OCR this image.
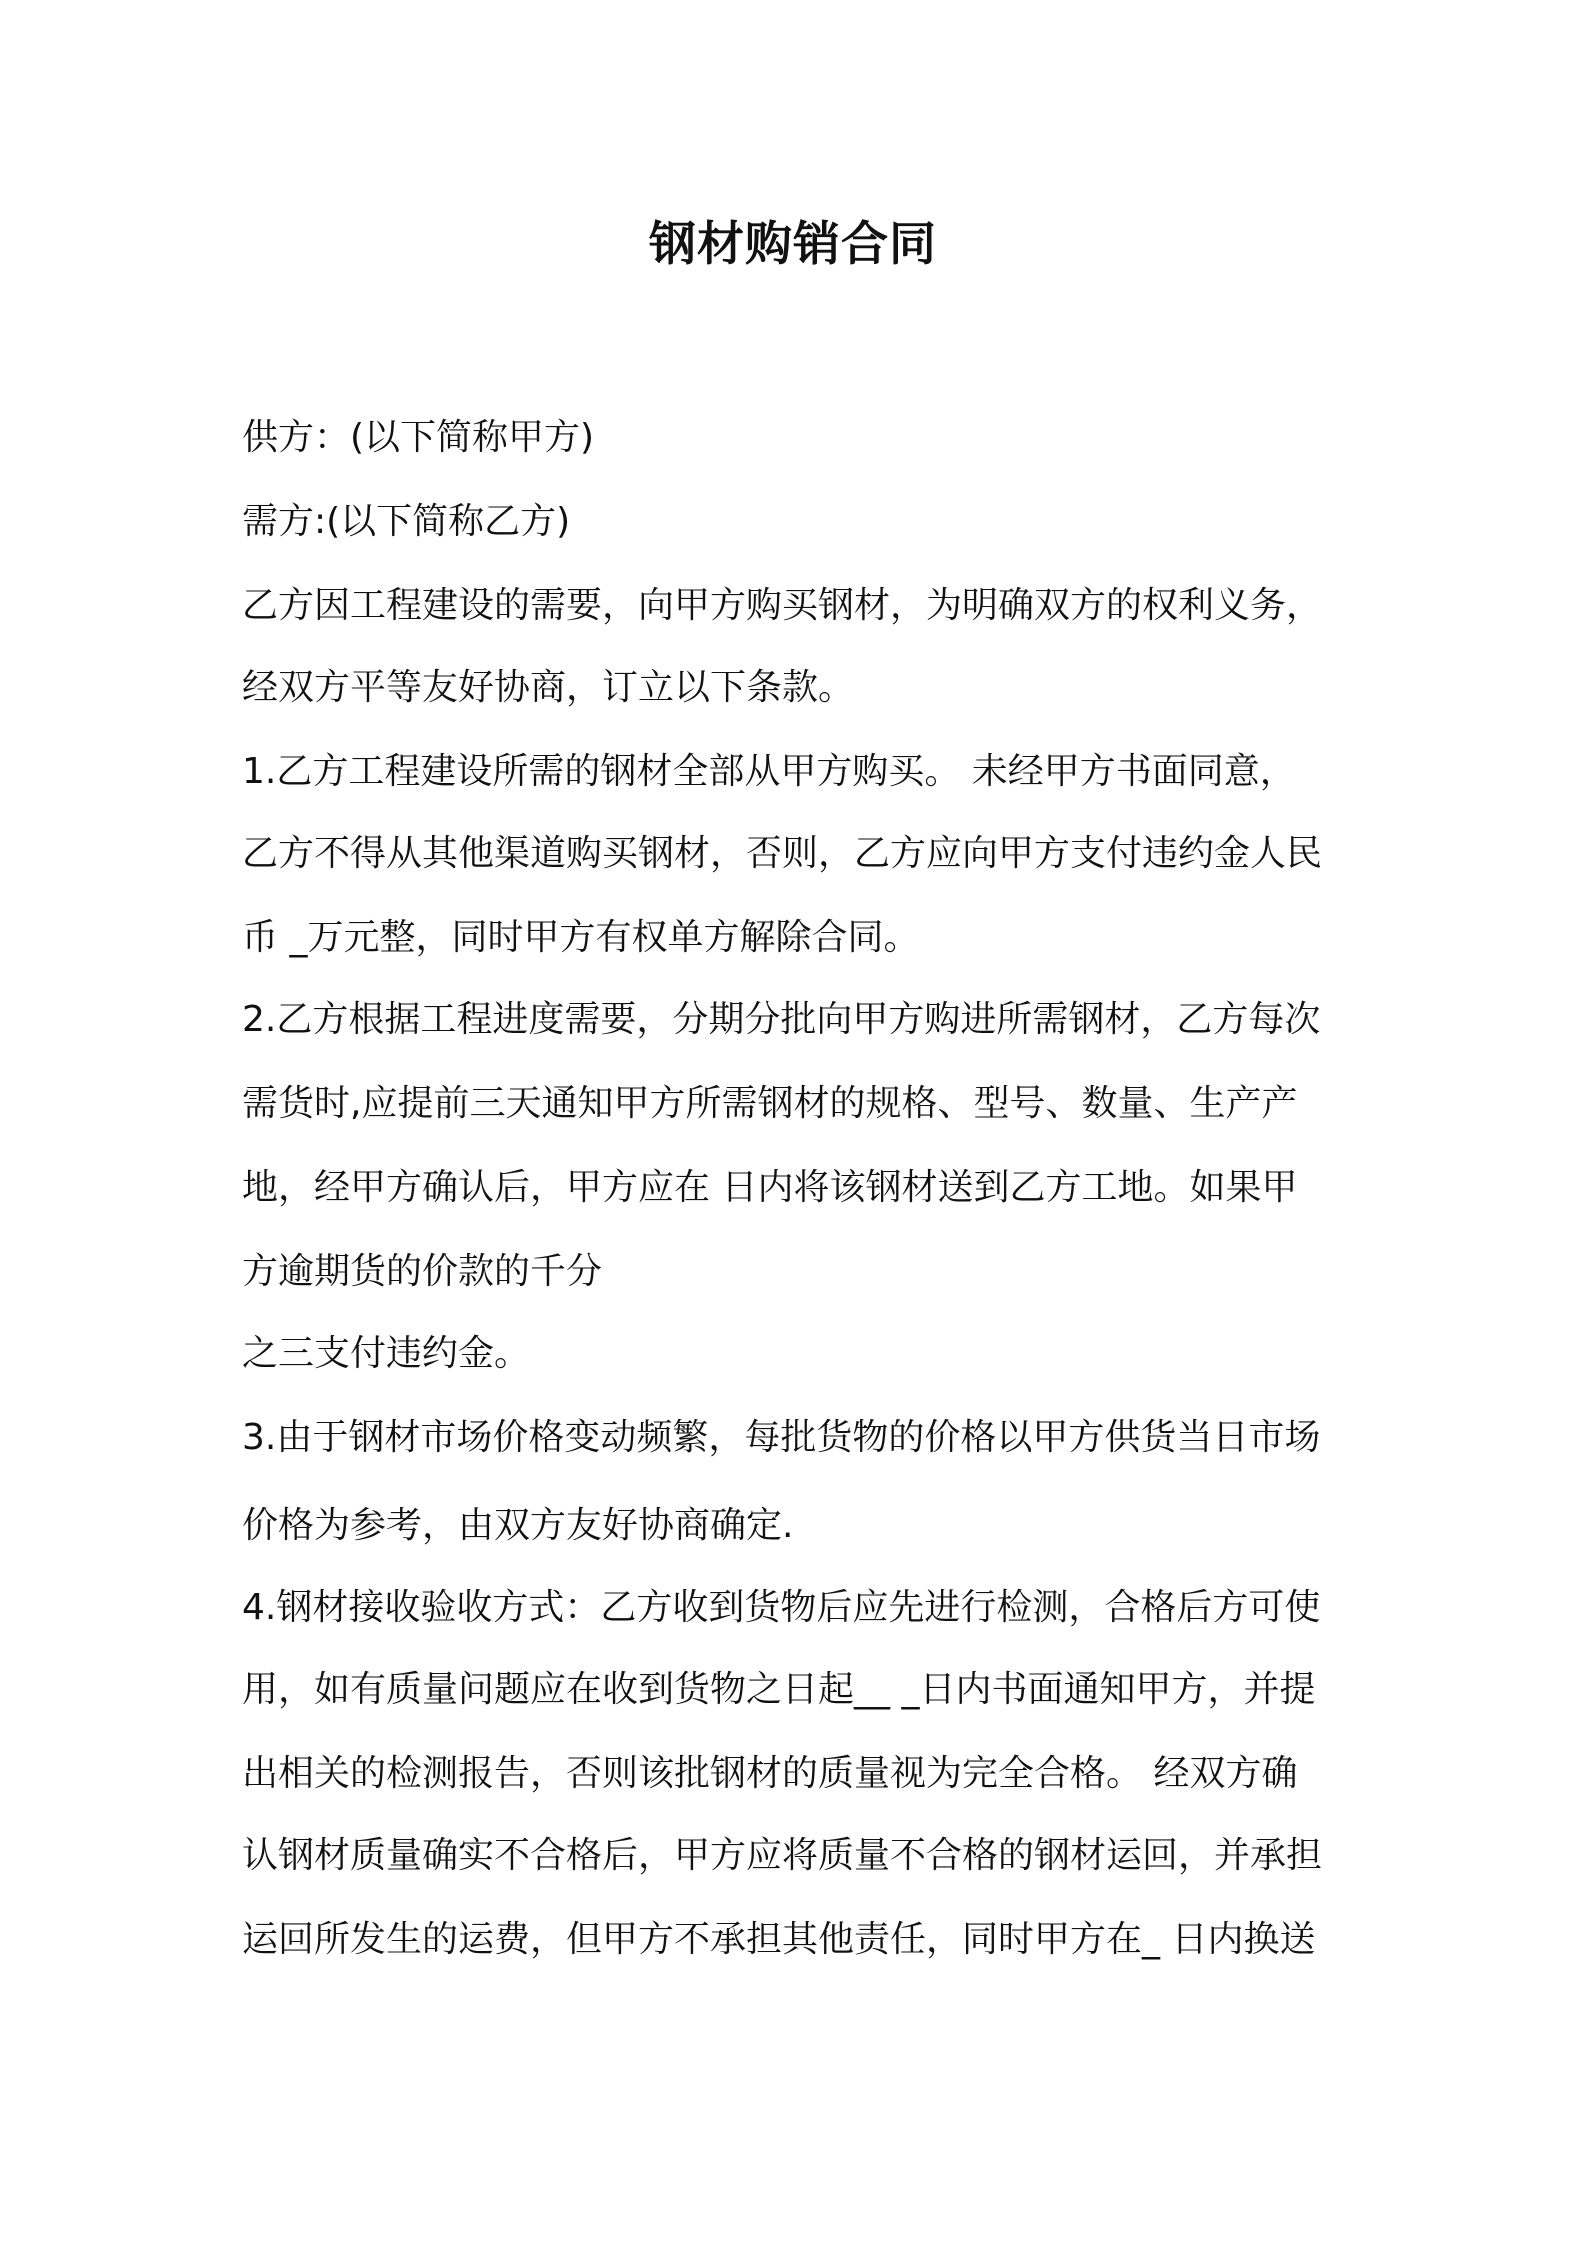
钢材购销合同
供方：(以下简称甲方)
需方:(以下简称乙方)
乙方因工程建设的需要，向甲方购买钢材，为明确双方的权利义务，
经双方平等友好协商，订立以下条款。
1.乙方工程建设所需的钢材全部从甲方购买。 未经甲方书面同意，
乙方不得从其他渠道购买钢材，否则，乙方应向甲方支付违约金人民
币 _万元整，同时甲方有权单方解除合同。
2.乙方根据工程进度需要，分期分批向甲方购进所需钢材，乙方每次
需货时,应提前三天通知甲方所需钢材的规格、型号、数量、生产产
地，经甲方确认后，甲方应在 日内将该钢材送到乙方工地。如果甲
方逾期货的价款的千分
之三支付违约金。
3.由于钢材市场价格变动频繁，每批货物的价格以甲方供货当日市场
价格为参考，由双方友好协商确定.
4.钢材接收验收方式：乙方收到货物后应先进行检测，合格后方可使
用，如有质量问题应在收到货物之日起__ _日内书面通知甲方，并提
出相关的检测报告，否则该批钢材的质量视为完全合格。 经双方确
认钢材质量确实不合格后，甲方应将质量不合格的钢材运回，并承担
运回所发生的运费，但甲方不承担其他责任，同时甲方在_ 日内换送
